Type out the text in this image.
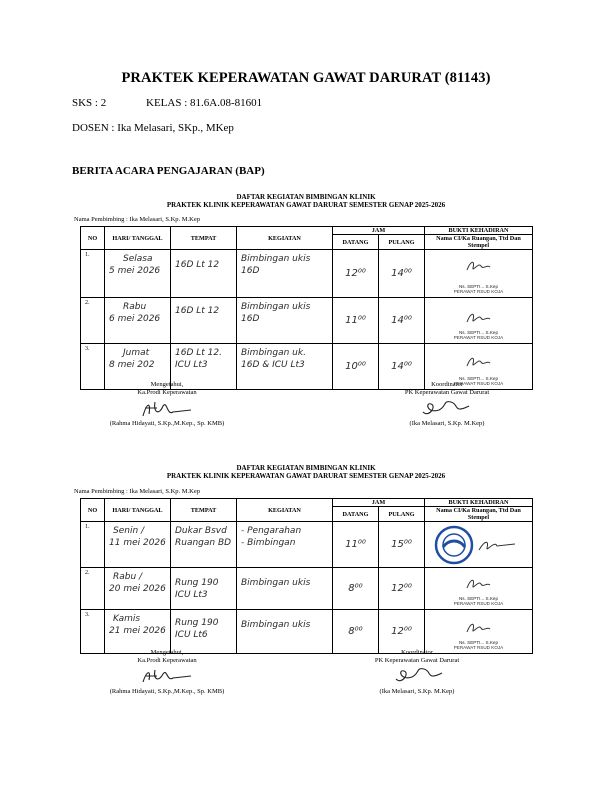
PRAKTEK KEPERAWATAN GAWAT DARURAT (81143)
SKS : 2	KELAS : 81.6A.08-81601
DOSEN : Ika Melasari, SKp., MKep
BERITA ACARA PENGAJARAN (BAP)
DAFTAR KEGIATAN BIMBINGAN KLINIK
PRAKTEK KLINIK KEPERAWATAN GAWAT DARURAT SEMESTER GENAP 2025-2026
Nama Pembimbing : Ika Melasari, S.Kp. M.Kep
NO	HARI/ TANGGAL	TEMPAT	KEGIATAN	JAM		BUKTI KEHADIRAN
				DATANG	PULANG	Nama CI/Ka Ruangan, Ttd Dan Stempel
1.	Selasa
5 mei 2026	16D Lt 12	Bimbingan ukis
16D	12⁰⁰	14⁰⁰	Ns. SEPTI... S.Kep
PERAWAT RSUD KOJA

2.	Rabu
6 mei 2026	16D Lt 12	Bimbingan ukis
16D	11⁰⁰	14⁰⁰	Ns. SEPTI... S.Kep
PERAWAT RSUD KOJA

3.	Jumat
8 mei 202	16D Lt 12.
ICU Lt3	Bimbingan uk.
16D & ICU Lt3	10⁰⁰	14⁰⁰	Ns. SEPTI... S.Kep
PERAWAT RSUD KOJA
Mengetahui,
Ka.Prodi Keperawatan
(Rahma Hidayati, S.Kp.,M.Kep., Sp. KMB)
Koordinator
PK Keperawatan Gawat Darurat
(Ika Melasari, S.Kp. M.Kep)
DAFTAR KEGIATAN BIMBINGAN KLINIK
PRAKTEK KLINIK KEPERAWATAN GAWAT DARURAT SEMESTER GENAP 2025-2026
Nama Pembimbing : Ika Melasari, S.Kp. M.Kep
NO	HARI/ TANGGAL	TEMPAT	KEGIATAN	JAM		BUKTI KEHADIRAN
				DATANG	PULANG	Nama CI/Ka Ruangan, Ttd Dan Stempel
1.	Senin /
11 mei 2026	Dukar Bsvd
Ruangan BD	- Pengarahan
- Bimbingan	11⁰⁰	15⁰⁰	

2.	Rabu /
20 mei 2026	Rung 190
ICU Lt3	Bimbingan ukis	8⁰⁰	12⁰⁰	Ns. SEPTI... S.Kep
PERAWAT RSUD KOJA

3.	Kamis
21 mei 2026	Rung 190
ICU Lt6	Bimbingan ukis	8⁰⁰	12⁰⁰	Ns. SEPTI... S.Kep
PERAWAT RSUD KOJA
Mengetahui,
Ka.Prodi Keperawatan
(Rahma Hidayati, S.Kp.,M.Kep., Sp. KMB)
Koordinator
PK Keperawatan Gawat Darurat
(Ika Melasari, S.Kp. M.Kep)
